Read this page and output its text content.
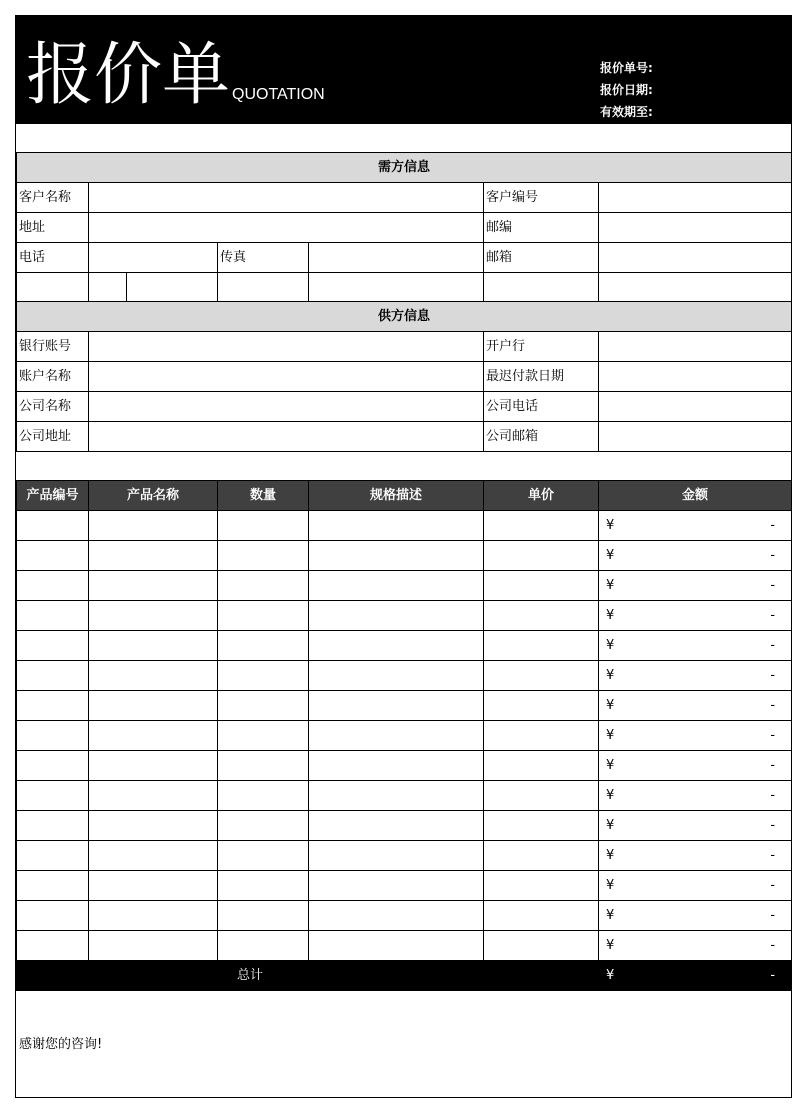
报价单 QUOTATION
报价单号:
报价日期:
有效期至:

需方信息						
客户名称					客户编号	
地址					邮编	
电话			传真		邮箱	

供方信息						
银行账号					开户行	
账户名称					最迟付款日期	
公司名称					公司电话	
公司地址					公司邮箱	

产品编号	产品名称		数量	规格描述	单价	金额

						¥ -

						¥ -

						¥ -

						¥ -

						¥ -

						¥ -

						¥ -

						¥ -

						¥ -

						¥ -

						¥ -

						¥ -

						¥ -

						¥ -

						¥ -

总计						¥ -
感谢您的咨询!
